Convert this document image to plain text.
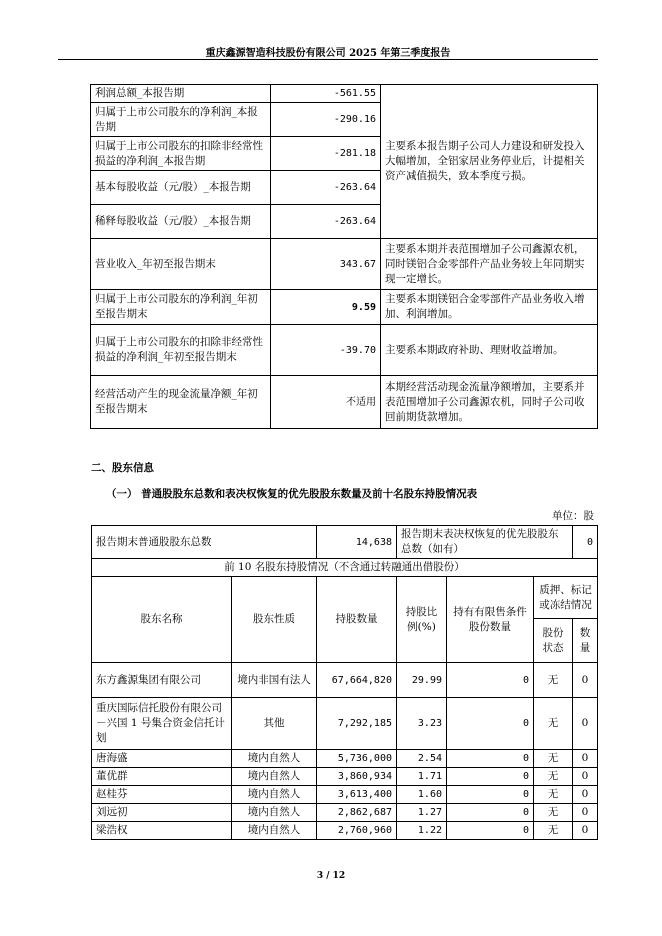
重庆鑫源智造科技股份有限公司 2025 年第三季度报告
利润总额_本报告期	-561.55	主要系本报告期子公司人力建设和研发投入大幅增加，全铝家居业务停业后，计提相关资产减值损失，致本季度亏损。
归属于上市公司股东的净利润_本报告期	-290.16	
归属于上市公司股东的扣除非经常性损益的净利润_本报告期	-281.18	
基本每股收益（元/股）_本报告期	-263.64	
稀释每股收益（元/股）_本报告期	-263.64	
营业收入_年初至报告期末	343.67	主要系本期并表范围增加子公司鑫源农机，同时镁铝合金零部件产品业务较上年同期实现一定增长。
归属于上市公司股东的净利润_年初至报告期末	9.59	主要系本期镁铝合金零部件产品业务收入增加、利润增加。
归属于上市公司股东的扣除非经常性损益的净利润_年初至报告期末	-39.70	主要系本期政府补助、理财收益增加。
经营活动产生的现金流量净额_年初至报告期末	不适用	本期经营活动现金流量净额增加，主要系并表范围增加子公司鑫源农机，同时子公司收回前期货款增加。
二、股东信息
（一） 普通股股东总数和表决权恢复的优先股股东数量及前十名股东持股情况表
单位：股
报告期末普通股股东总数		14,638	报告期末表决权恢复的优先股股东总数（如有）			0
前 10 名股东持股情况（不含通过转融通出借股份）						
股东名称	股东性质	持股数量	持股比例(%)	持有有限售条件股份数量	质押、标记或冻结情况	
					股份状态	数量
东方鑫源集团有限公司	境内非国有法人	67,664,820	29.99	0	无	0
重庆国际信托股份有限公司－兴国 1 号集合资金信托计划	其他	7,292,185	3.23	0	无	0
唐海盛	境内自然人	5,736,000	2.54	0	无	0
董优群	境内自然人	3,860,934	1.71	0	无	0
赵桂芬	境内自然人	3,613,400	1.60	0	无	0
刘远初	境内自然人	2,862,687	1.27	0	无	0
梁浩权	境内自然人	2,760,960	1.22	0	无	0
3 / 12
